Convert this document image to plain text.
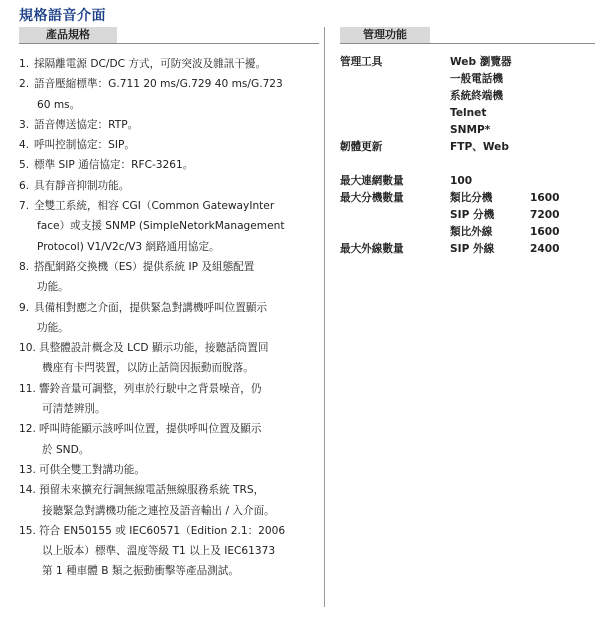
規格語音介面
產品規格	管理功能
1. 採隔離電源 DC/DC 方式，可防突波及雜訊干擾。
2. 語音壓縮標準：G.711 20 ms/G.729 40 ms/G.723
60 ms。
3. 語音傳送協定：RTP。
4. 呼叫控制協定：SIP。
5. 標準 SIP 通信協定：RFC-3261。
6. 具有靜音抑制功能。
7. 全雙工系統，相容 CGI（Common GatewayInter
face）或支援 SNMP (SimpleNetorkManagement
Protocol) V1/V2c/V3 網路通用協定。
8. 搭配網路交換機（ES）提供系統 IP 及組態配置
功能。
9. 具備相對應之介面，提供緊急對講機呼叫位置顯示
功能。
10. 具整體設計概念及 LCD 顯示功能，接聽話筒置回
機座有卡閂裝置，以防止話筒因振動而脫落。
11. 響鈴音量可調整，列車於行駛中之背景噪音，仍
可清楚辨別。
12. 呼叫時能顯示該呼叫位置，提供呼叫位置及顯示
於 SND。
13. 可供全雙工對講功能。
14. 預留未來擴充行調無線電話無線服務系統 TRS，
接聽緊急對講機功能之連控及語音輸出 / 入介面。
15. 符合 EN50155 或 IEC60571（Edition 2.1：2006
以上版本）標準、溫度等級 T1 以上及 IEC61373
第 1 種車體 B 類之振動衝擊等產品測試。
管理工具	Web 瀏覽器
一般電話機
系統終端機
Telnet
SNMP*
韌體更新	FTP、Web
最大連網數量	100
最大分機數量	類比分機	1600
SIP 分機	7200
類比外線	1600
最大外線數量	SIP 外線	2400
